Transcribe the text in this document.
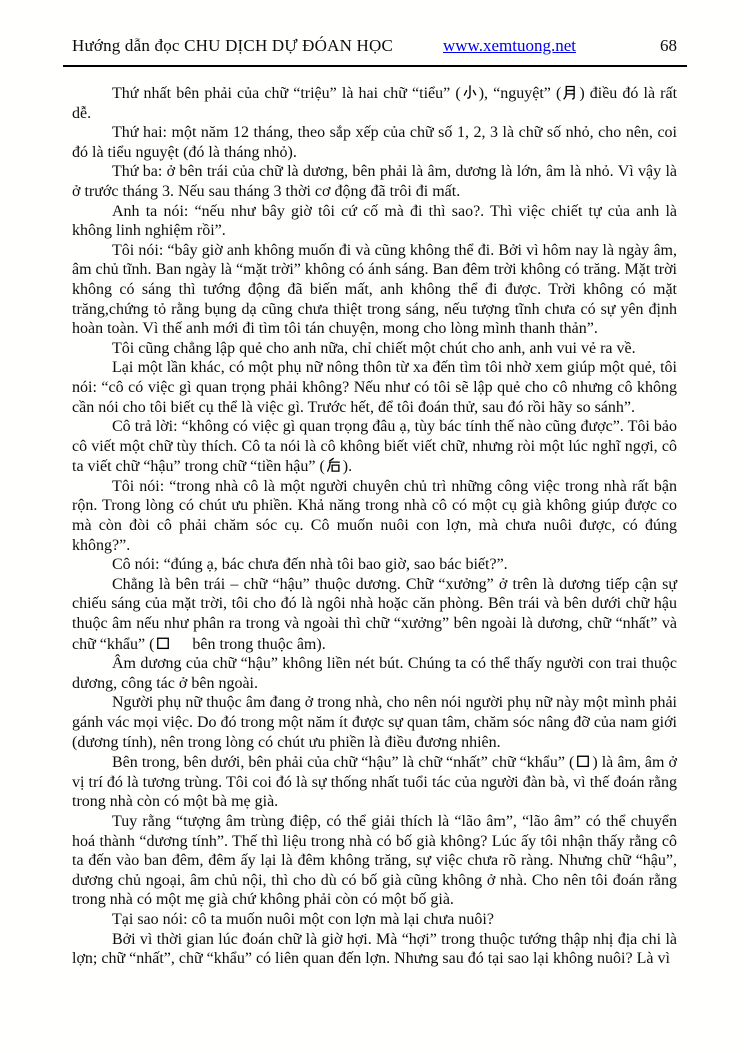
Hướng dẫn đọc CHU DỊCH DỰ ĐÓAN HỌC	www.xemtuong.net	68

Thứ nhất bên phải của chữ “triệu” là hai chữ “tiểu” ( ), “nguyệt” ( ) điều đó là rất dễ.

Thứ hai: một năm 12 tháng, theo sắp xếp của chữ số 1, 2, 3 là chữ số nhỏ, cho nên, coi đó là tiểu nguyệt (đó là tháng nhỏ).

Thứ ba: ở bên trái của chữ là dương, bên phải là âm, dương là lớn, âm là nhỏ. Vì vậy là ở trước tháng 3. Nếu sau tháng 3 thời cơ động đã trôi đi mất.

Anh ta nói: “nếu như bây giờ tôi cứ cố mà đi thì sao?. Thì việc chiết tự của anh là không linh nghiệm rồi”.

Tôi nói: “bây giờ anh không muốn đi và cũng không thể đi. Bởi vì hôm nay là ngày âm, âm chủ tĩnh. Ban ngày là “mặt trời” không có ánh sáng. Ban đêm trời không có trăng. Mặt trời không có sáng thì tướng động đã biến mất, anh không thể đi được. Trời không có mặt trăng,chứng tỏ rằng bụng dạ cũng chưa thiệt trong sáng, nếu tượng tĩnh chưa có sự yên định hoàn toàn. Vì thế anh mới đi tìm tôi tán chuyện, mong cho lòng mình thanh thản”.

Tôi cũng chẳng lập quẻ cho anh nữa, chỉ chiết một chút cho anh, anh vui vẻ ra về.

Lại một lần khác, có một phụ nữ nông thôn từ xa đến tìm tôi nhờ xem giúp một quẻ, tôi nói: “cô có việc gì quan trọng phải không? Nếu như có tôi sẽ lập quẻ cho cô nhưng cô không cần nói cho tôi biết cụ thể là việc gì. Trước hết, để tôi đoán thử, sau đó rồi hãy so sánh”.

Cô trả lời: “không có việc gì quan trọng đâu ạ, tùy bác tính thế nào cũng được”. Tôi bảo cô viết một chữ tùy thích. Cô ta nói là cô không biết viết chữ, nhưng ròi một lúc nghĩ ngợi, cô ta viết chữ “hậu” trong chữ “tiền hậu” ( ).

Tôi nói: “trong nhà cô là một người chuyên chủ trì những công việc trong nhà rất bận rộn. Trong lòng có chút ưu phiền. Khả năng trong nhà cô có một cụ già không giúp được co mà còn đòi cô phải chăm sóc cụ. Cô muốn nuôi con lợn, mà chưa nuôi được, có đúng không?”.

Cô nói: “đúng ạ, bác chưa đến nhà tôi bao giờ, sao bác biết?”.

Chẳng là bên trái – chữ “hậu” thuộc dương. Chữ “xưởng” ở trên là dương tiếp cận sự chiếu sáng của mặt trời, tôi cho đó là ngôi nhà hoặc căn phòng. Bên trái và bên dưới chữ hậu thuộc âm nếu như phân ra trong và ngoài thì chữ “xưởng” bên ngoài là dương, chữ “nhất” và chữ “khẩu” (     bên trong thuộc âm).

Âm dương của chữ “hậu” không liền nét bút. Chúng ta có thể thấy người con trai thuộc dương, công tác ở bên ngoài.

Người phụ nữ thuộc âm đang ở trong nhà, cho nên nói người phụ nữ này một mình phải gánh vác mọi việc. Do đó trong một năm ít được sự quan tâm, chăm sóc nâng đỡ của nam giới (dương tính), nên trong lòng có chút ưu phiền là điều đương nhiên.

Bên trong, bên dưới, bên phải của chữ “hậu” là chữ “nhất” chữ “khẩu” ( ) là âm, âm ở vị trí đó là tương trùng. Tôi coi đó là sự thống nhất tuổi tác của người đàn bà, vì thế đoán rằng trong nhà còn có một bà mẹ già.

Tuy rằng “tượng âm trùng điệp, có thể giải thích là “lão âm”, “lão âm” có thể chuyển hoá thành “dương tính”. Thế thì liệu trong nhà có bố già không? Lúc ấy tôi nhận thấy rằng cô ta đến vào ban đêm, đêm ấy lại là đêm không trăng, sự việc chưa rõ ràng. Nhưng chữ “hậu”, dương chủ ngoại, âm chủ nội, thì cho dù có bố già cũng không ở nhà. Cho nên tôi đoán rằng trong nhà có một mẹ già chứ không phải còn có một bố già.

Tại sao nói: cô ta muốn nuôi một con lợn mà lại chưa nuôi?

Bởi vì thời gian lúc đoán chữ là giờ hợi. Mà “hợi” trong thuộc tướng thập nhị địa chi là lợn; chữ “nhất”, chữ “khẩu” có liên quan đến lợn. Nhưng sau đó tại sao lại không nuôi? Là vì
